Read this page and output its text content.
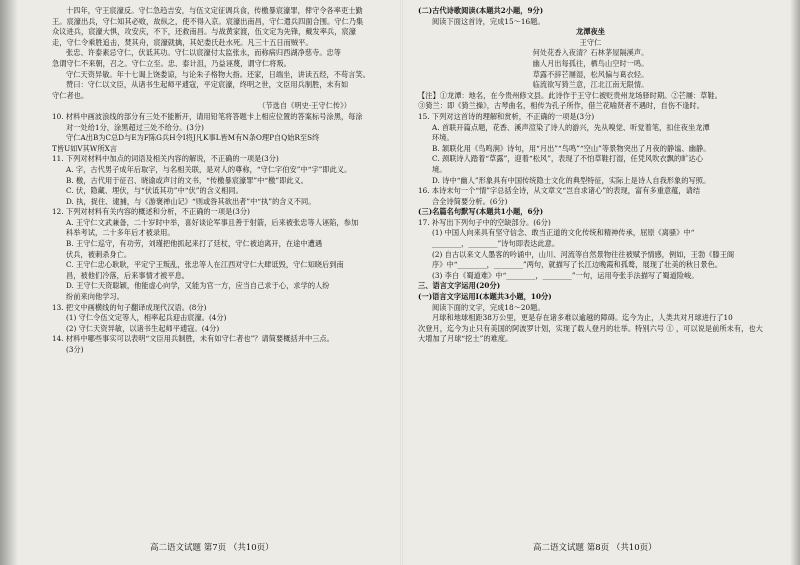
十四年，守王宸濠反。守仁急趋吉安，与伍文定征调兵食，传檄暴宸濠罪，俾守令各率吏士勤

王。宸濠出兵，守仁知其必败，故纵之，使不得入京。宸濠出南昌，守仁遣兵四面合围。守仁乃集

众议进兵，宸濠大惧，攻安庆，不下，还救南昌。与战黄家渡，伍文定为先锋，戴发率兵，宸濠

走，守仁令乘胜追击，焚其舟，宸濠就擒，其妃娄氏赴水死。凡三十五日而贼平。

张忠、许泰素忌守仁，伏诋其功。守仁以宸濠付太监张永，而称病归西湖净慈寺。忠等

急谓守仁不来朝，召之。守仁立至。忠、泰计沮，乃益诬蔑，谓守仁将叛。

守仁天资异敏。年十七谒上饶娄谅，与论朱子格物大指。还家，日端坐，讲读五经，不苟言笑。

赞曰：守仁以文臣，从诸书生起师平逋寇，平定宸濠，终明之世，文臣用兵制胜，未有如

守仁者也。

（节选自《明史·王守仁传》）

10. 材料中画波浪线的部分有三处不能断开，请用铅笔将答题卡上相应位置的答案标号涂黑，每涂

对一处给1分，涂黑超过三处不给分。(3分)

守仁A出B为C总D与E为F陈G兵H令I将J凡K事L皆M有N条O理P自Q始R至S终

T皆U如V其W所X言

11. 下列对材料中加点的词语及相关内容的解说，不正确的一项是(3分)

A. 字，古代男子成年后取字，与名相关联，是对人的尊称，“守仁字伯安”中“字”即此义。

B. 檄，古代用于征召、晓谕或声讨的文书，“传檄暴宸濠罪”中“檄”即此义。

C. 伏，隐藏、埋伏，与“伏诋其功”中“伏”的含义相同。

D. 执，捉住、逮捕，与《游褒禅山记》“则或咎其欲出者”中“执”的含义不同。

12. 下列对材料有关内容的概述和分析，不正确的一项是(3分)

A. 王守仁文武兼备，二十岁时中举，喜好谈论军事且善于射箭，后来被张忠等人诬陷，参加

科举考试，二十多年后才被录用。

B. 王守仁巡守，有功劳，刘瑾把他抓起来打了廷杖，守仁被迫离开，在途中遭遇

伏兵，被刺杀身亡。

C. 王守仁忠心耿耿，平定宁王叛乱，张忠等人在江西对守仁大肆诋毁，守仁知晓后到南

昌，被他们冷落，后来事情才被平息。

D. 王守仁天资聪颖，他能虚心向学，又能为官一方，应当自己求于心，求学的人纷

纷前来向他学习。

13. 把文中画横线的句子翻译成现代汉语。(8分)

(1) 守仁令伍文定等人，相率起兵迎击宸濠。(4分)

(2) 守仁天资异敏，以诸书生起师平逋寇。(4分)

14. 材料中哪些事实可以表明“文臣用兵制胜，未有如守仁者也”？请简要概括并中三点。

(3分)

(二)古代诗歌阅读(本题共2小题，9分)

阅读下面这首诗，完成15～16题。

龙潭夜坐

王守仁

何处花香入夜清？石林茅屋隔溪声。

幽人月出每孤往，栖鸟山空时一鸣。

草露不辞芒屦湿，松风偏与葛衣轻。

临流欲写猗兰意，江北江南无限情。

【注】①龙潭：地名，在今贵州修文县。此诗作于王守仁被贬贵州龙场驿时期。②芒屦：草鞋。

③猗兰：即《猗兰操》，古琴曲名，相传为孔子所作，借兰花喻贤者不遇时，自伤不逢时。

15. 下列对这首诗的理解和赏析，不正确的一项是(3分)

A. 首联开篇点题，花香、溪声渲染了诗人的游兴，先从嗅觉、听觉着笔，扣住夜坐龙潭

环境。

B. 颔联化用《鸟鸣涧》诗句，用“月出”“鸟鸣”“空山”等景物突出了月夜的静谧、幽静。

C. 颈联诗人踏着“草露”，迎着“松风”，表现了不怕草鞋打湿，任凭风吹衣飘的旷达心

境。

D. 诗中“幽人”形象具有中国传统隐士文化的典型特征，实际上是诗人自我形象的写照。

16. 本诗末句一个“情”字总括全诗，从文章文“岂自求诸心”的表现，富有多重意蕴，请结

合全诗简要分析。(6分)

(三)名篇名句默写(本题共1小题，6分)

17. 补写出下列句子中的空缺部分。(6分)

(1) 中国人向来具有坚守信念、敢当正道的文化传统和精神传承，屈原《离骚》中“

________，________”诗句即表达此意。

(2) 自古以来文人墨客的吟诵中，山川、河流等自然景物往往被赋予情感，例如，王勃《滕王阁

序》中“________，________”两句，就描写了长江边晚霞和孤鹜，展现了壮美的秋日景色。

(3) 李白《蜀道难》中“________，________”一句，运用夸张手法描写了蜀道险峻。

三、语言文字运用(20分)

(一)语言文字运用Ⅰ(本题共3小题，10分)

阅读下面的文字，完成18～20题。

月球和地球相距38万公里，更是存在诸多难以逾越的障碍。迄今为止，人类共对月球进行了10

次登月，迄今为止只有美国的阿波罗计划，实现了载人登月的壮举。特别六号 ① ，可以说是前所未有，也大

大增加了月球“挖土”的难度。

高二语文试题 第7页 （共10页）	高二语文试题 第8页 （共10页）
